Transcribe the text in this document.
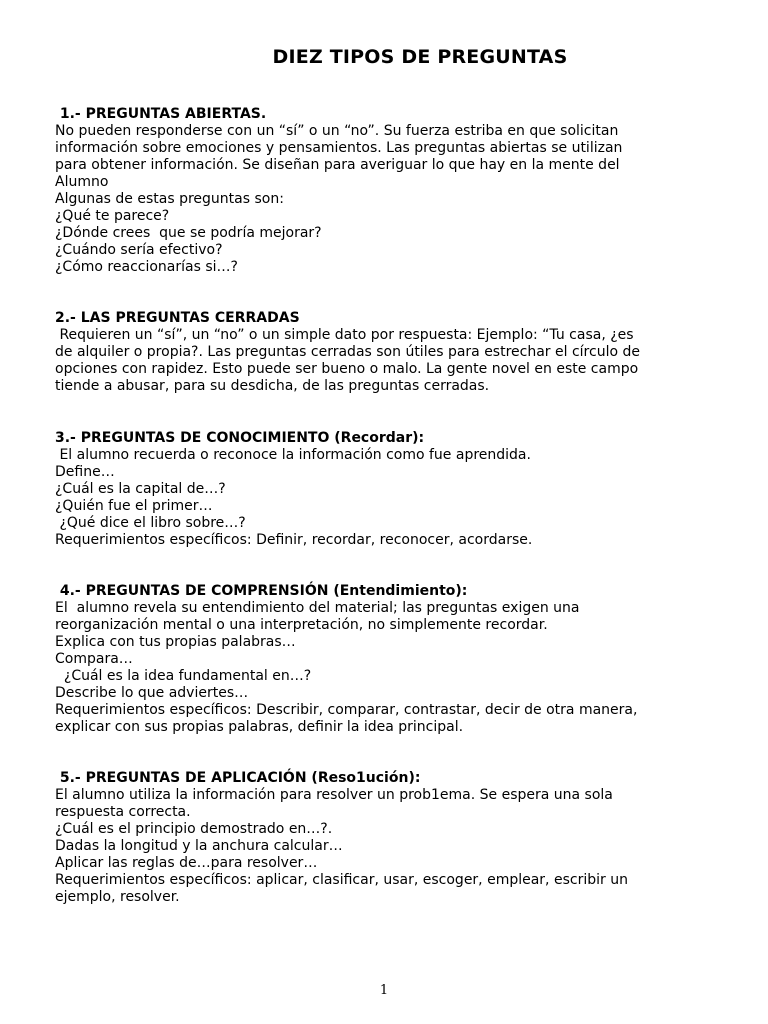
DIEZ TIPOS DE PREGUNTAS
1.- PREGUNTAS ABIERTAS.
No pueden responderse con un “sí” o un “no”. Su fuerza estriba en que solicitan
información sobre emociones y pensamientos. Las preguntas abiertas se utilizan
para obtener información. Se diseñan para averiguar lo que hay en la mente del
Alumno
Algunas de estas preguntas son:
¿Qué te parece?
¿Dónde crees  que se podría mejorar?
¿Cuándo sería efectivo?
¿Cómo reaccionarías si…?
2.- LAS PREGUNTAS CERRADAS
Requieren un “sí”, un “no” o un simple dato por respuesta: Ejemplo: “Tu casa, ¿es
de alquiler o propia?. Las preguntas cerradas son útiles para estrechar el círculo de
opciones con rapidez. Esto puede ser bueno o malo. La gente novel en este campo
tiende a abusar, para su desdicha, de las preguntas cerradas.
3.- PREGUNTAS DE CONOCIMIENTO (Recordar):
El alumno recuerda o reconoce la información como fue aprendida.
Define…
¿Cuál es la capital de…?
¿Quién fue el primer…
¿Qué dice el libro sobre…?
Requerimientos específicos: Definir, recordar, reconocer, acordarse.
4.- PREGUNTAS DE COMPRENSIÓN (Entendimiento):
El  alumno revela su entendimiento del material; las preguntas exigen una
reorganización mental o una interpretación, no simplemente recordar.
Explica con tus propias palabras…
Compara…
¿Cuál es la idea fundamental en…?
Describe lo que adviertes…
Requerimientos específicos: Describir, comparar, contrastar, decir de otra manera,
explicar con sus propias palabras, definir la idea principal.
5.- PREGUNTAS DE APLICACIÓN (Reso1ución):
El alumno utiliza la información para resolver un prob1ema. Se espera una sola
respuesta correcta.
¿Cuál es el principio demostrado en…?.
Dadas la longitud y la anchura calcular…
Aplicar las reglas de…para resolver…
Requerimientos específicos: aplicar, clasificar, usar, escoger, emplear, escribir un
ejemplo, resolver.
1
